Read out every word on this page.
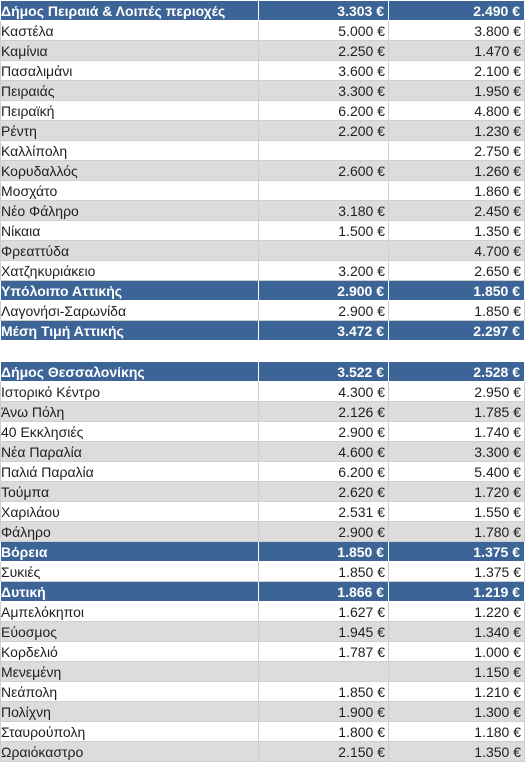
Δήμος Πειραιά & Λοιπές περιοχές	3.303 €	2.490 €
Καστέλα	5.000 €	3.800 €
Καμίνια	2.250 €	1.470 €
Πασαλιμάνι	3.600 €	2.100 €
Πειραιάς	3.300 €	1.950 €
Πειραϊκή	6.200 €	4.800 €
Ρέντη	2.200 €	1.230 €
Καλλίπολη		2.750 €
Κορυδαλλός	2.600 €	1.260 €
Μοσχάτο		1.860 €
Νέο Φάληρο	3.180 €	2.450 €
Νίκαια	1.500 €	1.350 €
Φρεαττύδα		4.700 €
Χατζηκυριάκειο	3.200 €	2.650 €
Υπόλοιπο Αττικής	2.900 €	1.850 €
Λαγονήσι-Σαρωνίδα	2.900 €	1.850 €
Μέση Τιμή Αττικής	3.472 €	2.297 €

Δήμος Θεσσαλονίκης	3.522 €	2.528 €
Ιστορικό Κέντρο	4.300 €	2.950 €
Άνω Πόλη	2.126 €	1.785 €
40 Εκκλησιές	2.900 €	1.740 €
Νέα Παραλία	4.600 €	3.300 €
Παλιά Παραλία	6.200 €	5.400 €
Τούμπα	2.620 €	1.720 €
Χαριλάου	2.531 €	1.550 €
Φάληρο	2.900 €	1.780 €
Βόρεια	1.850 €	1.375 €
Συκιές	1.850 €	1.375 €
Δυτική	1.866 €	1.219 €
Αμπελόκηποι	1.627 €	1.220 €
Εύοσμος	1.945 €	1.340 €
Κορδελιό	1.787 €	1.000 €
Μενεμένη		1.150 €
Νεάπολη	1.850 €	1.210 €
Πολίχνη	1.900 €	1.300 €
Σταυρούπολη	1.800 €	1.180 €
Ωραιόκαστρο	2.150 €	1.350 €
